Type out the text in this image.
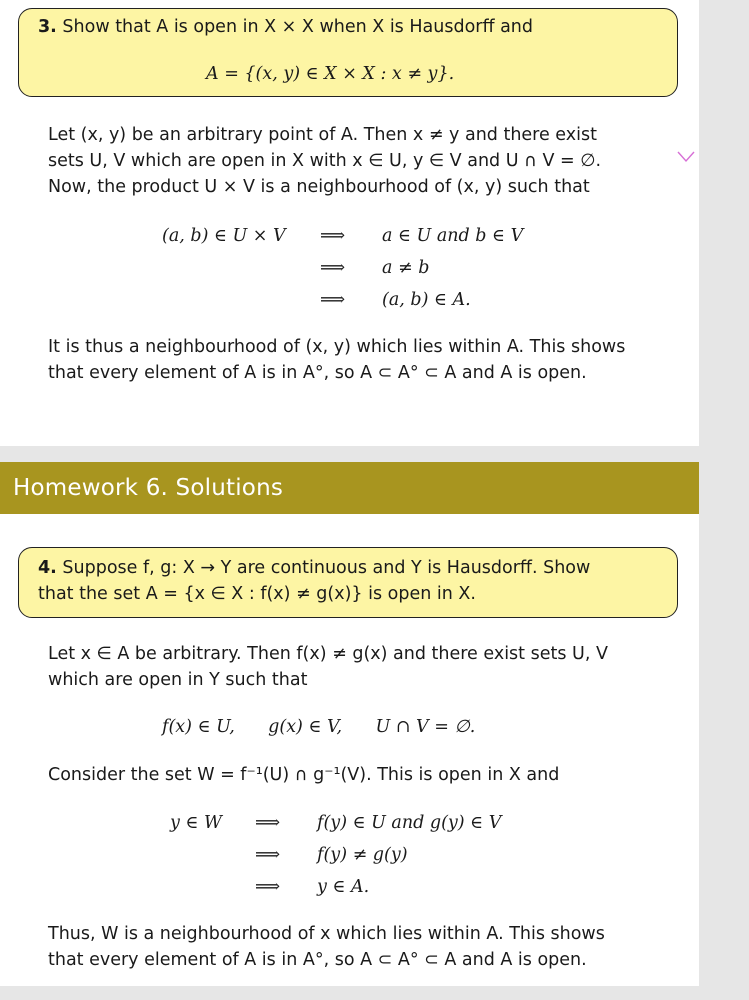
3. Show that A is open in X × X when X is Hausdorff and
A = {(x, y) ∈ X × X : x ≠ y}.
Let (x, y) be an arbitrary point of A. Then x ≠ y and there exist
sets U, V which are open in X with x ∈ U, y ∈ V and U ∩ V = ∅.
Now, the product U × V is a neighbourhood of (x, y) such that
(a, b) ∈ U × V ⟹ a ∈ U and b ∈ V
⟹ a ≠ b
⟹ (a, b) ∈ A.
It is thus a neighbourhood of (x, y) which lies within A. This shows
that every element of A is in A°, so A ⊂ A° ⊂ A and A is open.
Homework 6. Solutions
4. Suppose f, g: X → Y are continuous and Y is Hausdorff. Show
that the set A = {x ∈ X : f(x) ≠ g(x)} is open in X.
Let x ∈ A be arbitrary. Then f(x) ≠ g(x) and there exist sets U, V
which are open in Y such that
f(x) ∈ U,      g(x) ∈ V,      U ∩ V = ∅.
Consider the set W = f⁻¹(U) ∩ g⁻¹(V). This is open in X and
y ∈ W ⟹ f(y) ∈ U and g(y) ∈ V
⟹ f(y) ≠ g(y)
⟹ y ∈ A.
Thus, W is a neighbourhood of x which lies within A. This shows
that every element of A is in A°, so A ⊂ A° ⊂ A and A is open.
